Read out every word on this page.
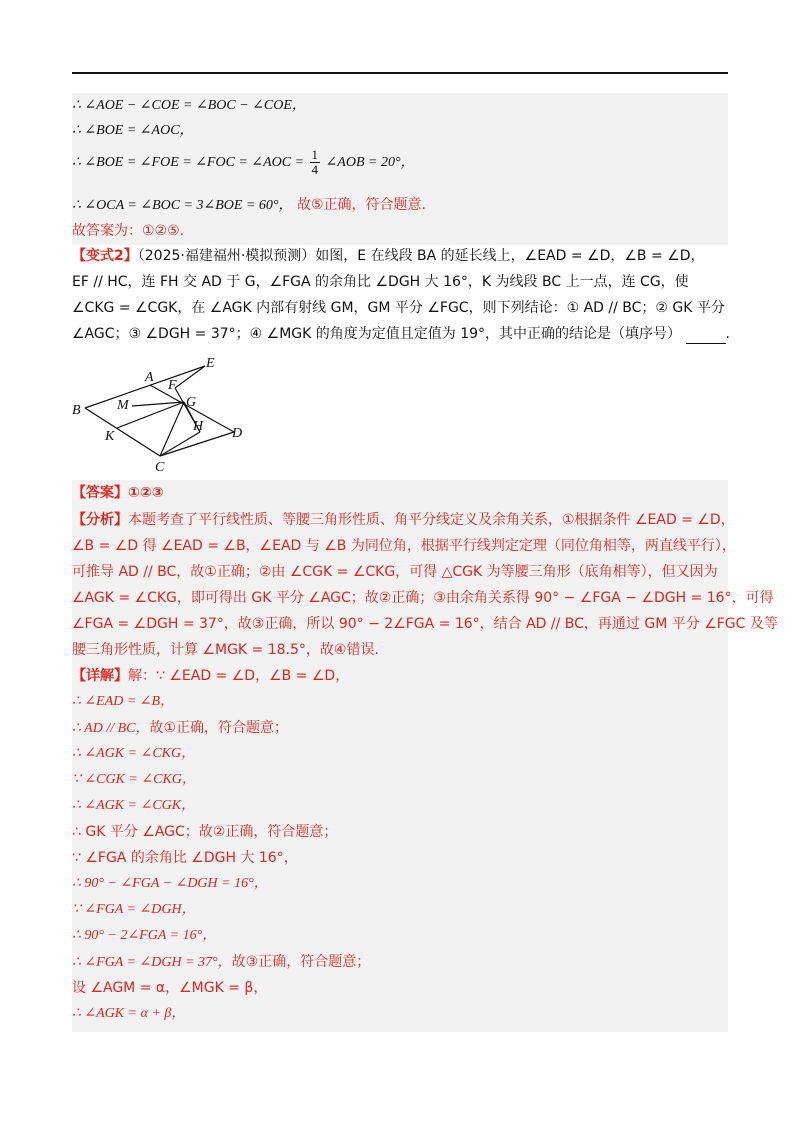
∴ ∠AOE − ∠COE = ∠BOC − ∠COE，
∴ ∠BOE = ∠AOC，
∴ ∠BOE = ∠FOE = ∠FOC = ∠AOC = $\frac{1}{4}$ ∠AOB = 20°，
∴ ∠OCA = ∠BOC = 3∠BOE = 60°， 故⑤正确，符合题意.
故答案为：①②⑤.
【变式2】（2025·福建福州·模拟预测）如图，E 在线段 BA 的延长线上，∠EAD = ∠D，∠B = ∠D，
EF // HC，连 FH 交 AD 于 G，∠FGA 的余角比 ∠DGH 大 16°，K 为线段 BC 上一点，连 CG，使
∠CKG = ∠CGK，在 ∠AGK 内部有射线 GM，GM 平分 ∠FGC，则下列结论：① AD // BC；② GK 平分
∠AGC；③ ∠DGH = 37°；④ ∠MGK 的角度为定值且定值为 19°，其中正确的结论是（填序号）	.
A
E
F
B	M	G
K
H D
C
【答案】①②③
【分析】本题考查了平行线性质、等腰三角形性质、角平分线定义及余角关系，①根据条件 ∠EAD = ∠D，
∠B = ∠D 得 ∠EAD = ∠B，∠EAD 与 ∠B 为同位角，根据平行线判定定理（同位角相等，两直线平行），
可推导 AD // BC，故①正确；②由 ∠CGK = ∠CKG，可得 △CGK 为等腰三角形（底角相等），但又因为
∠AGK = ∠CKG，即可得出 GK 平分 ∠AGC；故②正确；③由余角关系得 90° − ∠FGA − ∠DGH = 16°，可得
∠FGA = ∠DGH = 37°，故③正确，所以 90° − 2∠FGA = 16°，结合 AD // BC，再通过 GM 平分 ∠FGC 及等
腰三角形性质，计算 ∠MGK = 18.5°，故④错误.
【详解】解：∵ ∠EAD = ∠D，∠B = ∠D，
∴ ∠EAD = ∠B，
∴ AD // BC，故①正确，符合题意；
∴ ∠AGK = ∠CKG，
∵ ∠CGK = ∠CKG，
∴ ∠AGK = ∠CGK，
∴ GK 平分 ∠AGC；故②正确，符合题意；
∵ ∠FGA 的余角比 ∠DGH 大 16°，
∴ 90° − ∠FGA − ∠DGH = 16°，
∵ ∠FGA = ∠DGH，
∴ 90° − 2∠FGA = 16°，
∴ ∠FGA = ∠DGH = 37°，故③正确，符合题意；
设 ∠AGM = α，∠MGK = β，
∴ ∠AGK = α + β，
